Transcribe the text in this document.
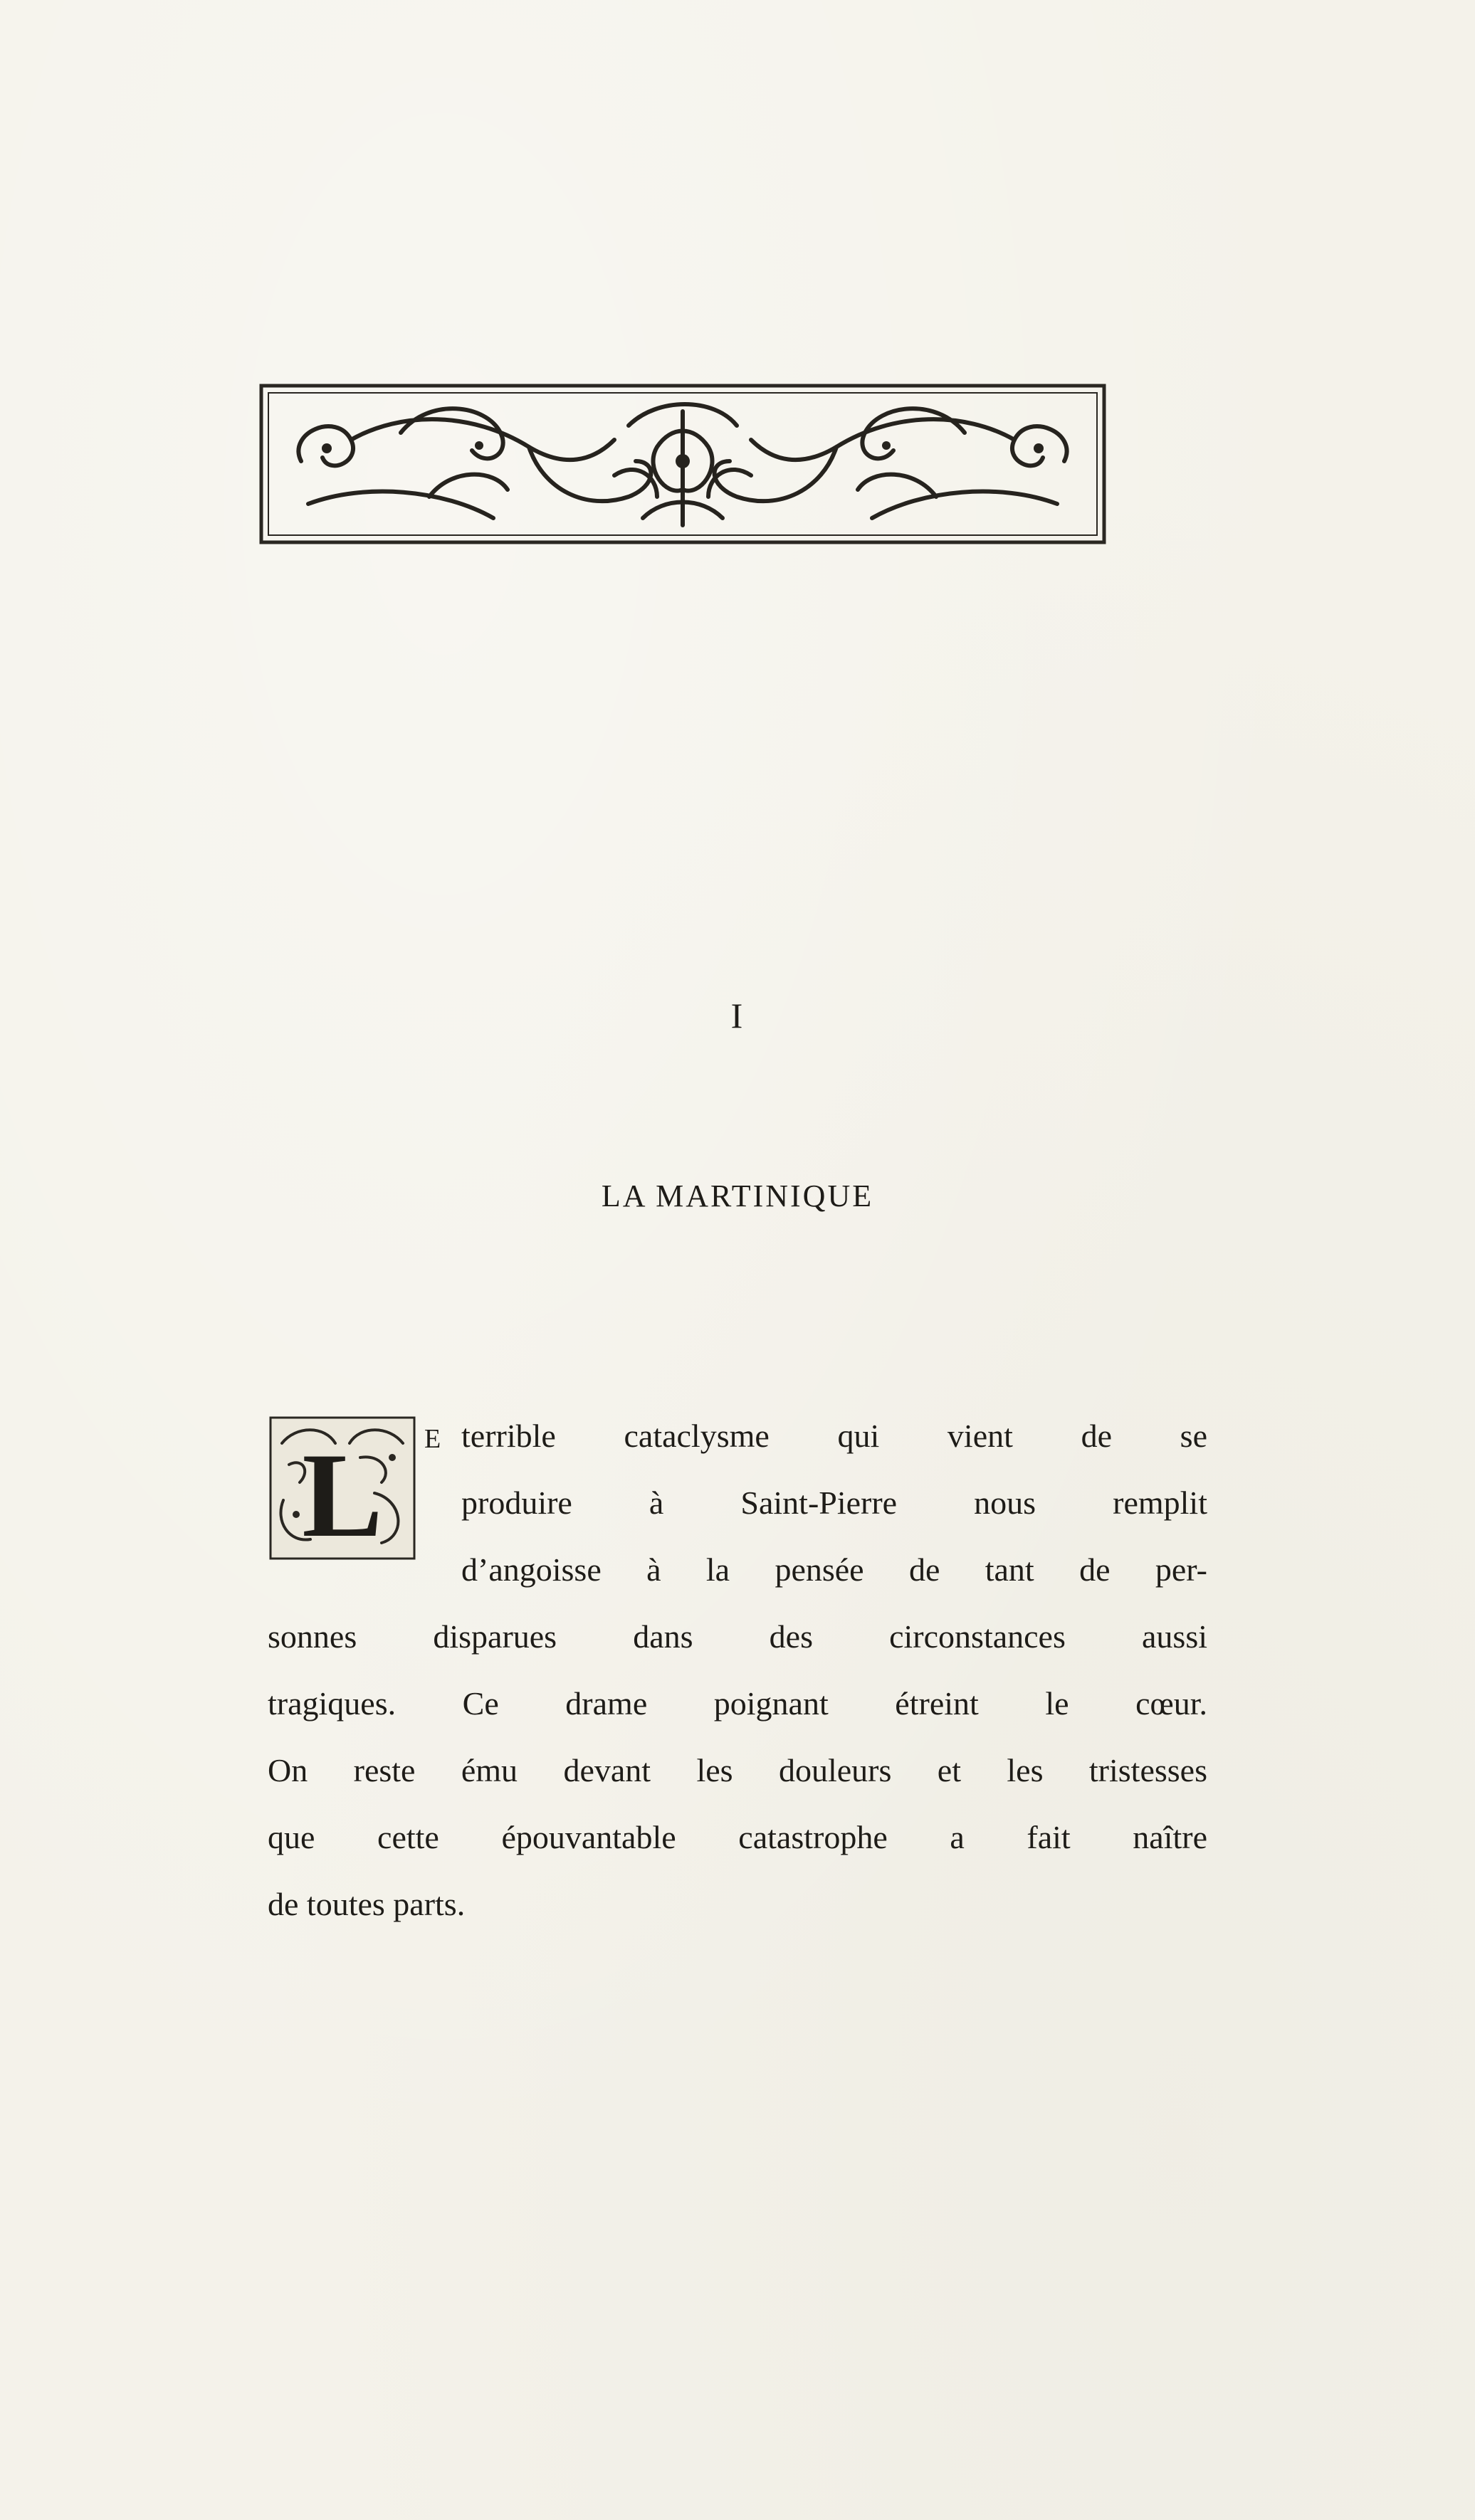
I
LA MARTINIQUE
L E terrible cataclysme qui vient de se
produire à Saint-Pierre nous remplit
d’angoisse à la pensée de tant de per-
sonnes disparues dans des circonstances aussi
tragiques. Ce drame poignant étreint le cœur.
On reste ému devant les douleurs et les tristesses
que cette épouvantable catastrophe a fait naître
de toutes parts.
